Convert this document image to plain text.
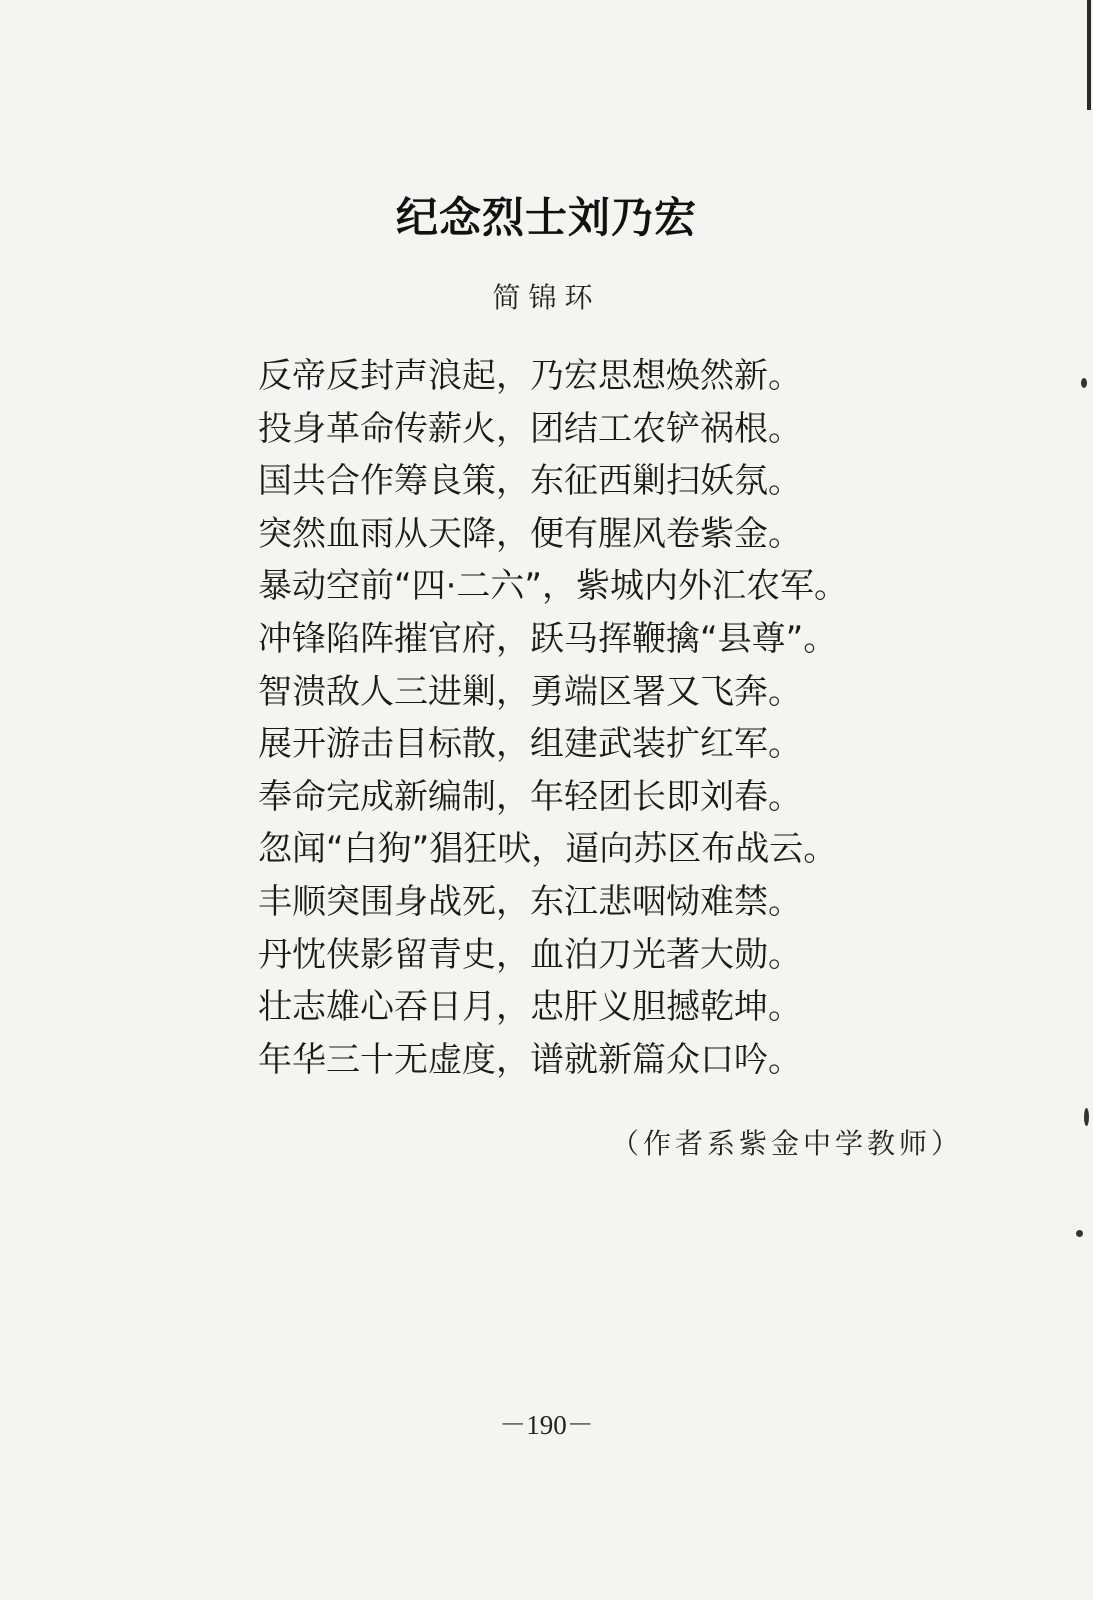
纪念烈士刘乃宏
简锦环
反帝反封声浪起，乃宏思想焕然新。
投身革命传薪火，团结工农铲祸根。
国共合作筹良策，东征西剿扫妖氛。
突然血雨从天降，便有腥风卷紫金。
暴动空前“四·二六”，紫城内外汇农军。
冲锋陷阵摧官府，跃马挥鞭擒“县尊”。
智溃敌人三进剿，勇端区署又飞奔。
展开游击目标散，组建武装扩红军。
奉命完成新编制，年轻团长即刘春。
忽闻“白狗”猖狂吠，逼向苏区布战云。
丰顺突围身战死，东江悲咽恸难禁。
丹忱侠影留青史，血泊刀光著大勋。
壮志雄心吞日月，忠肝义胆撼乾坤。
年华三十无虚度，谱就新篇众口吟。
（作者系紫金中学教师）
－190－
